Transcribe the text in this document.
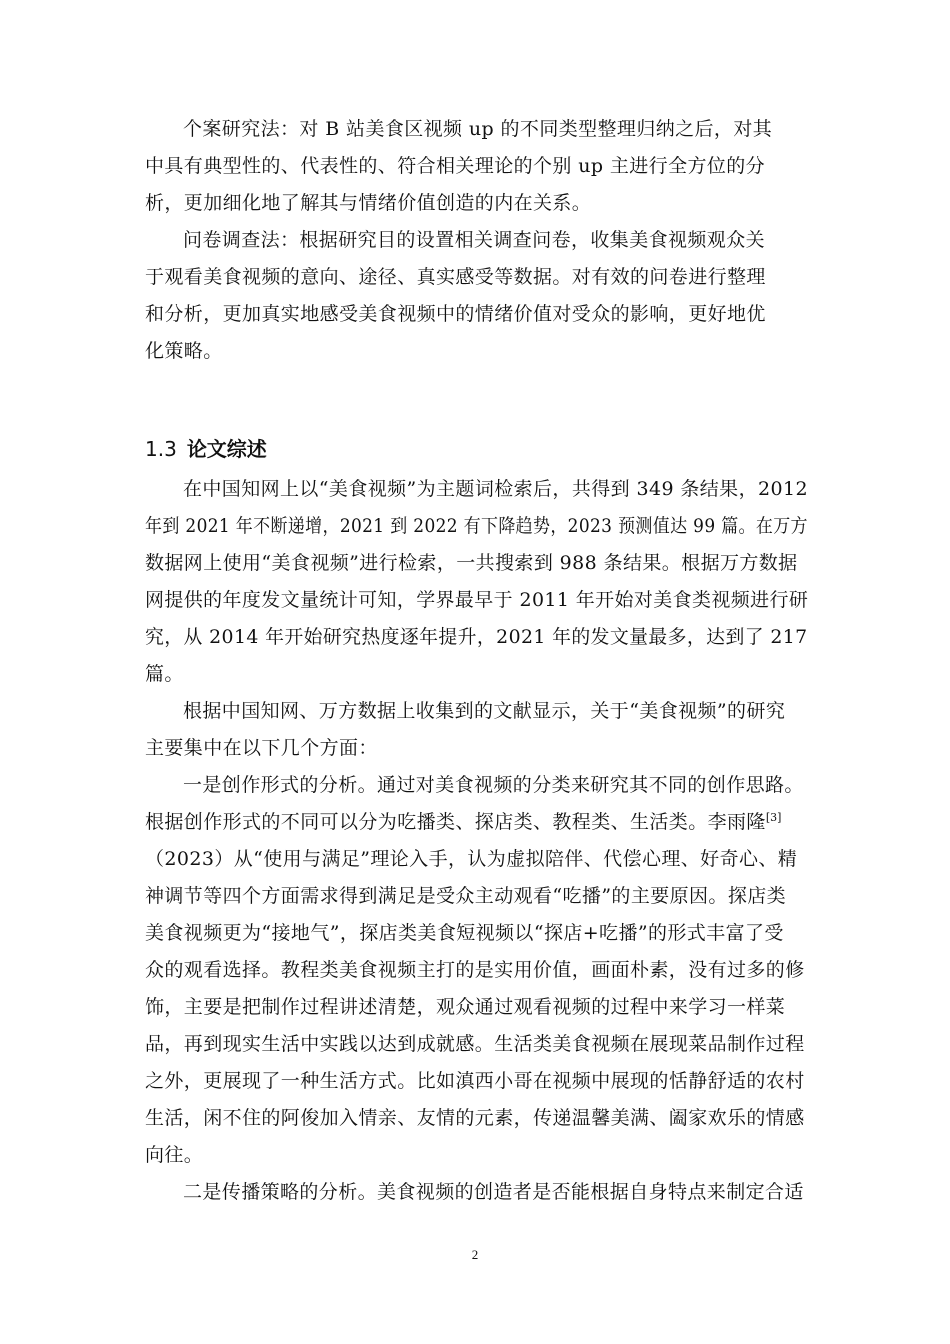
个案研究法：对 B 站美食区视频 up 的不同类型整理归纳之后，对其
中具有典型性的、代表性的、符合相关理论的个别 up 主进行全方位的分
析，更加细化地了解其与情绪价值创造的内在关系。
问卷调查法：根据研究目的设置相关调查问卷，收集美食视频观众关
于观看美食视频的意向、途径、真实感受等数据。对有效的问卷进行整理
和分析，更加真实地感受美食视频中的情绪价值对受众的影响，更好地优
化策略。
1.3 论文综述
在中国知网上以“美食视频”为主题词检索后，共得到 349 条结果，2012
年到 2021 年不断递增，2021 到 2022 有下降趋势，2023 预测值达 99 篇。在万方
数据网上使用“美食视频”进行检索，一共搜索到 988 条结果。根据万方数据
网提供的年度发文量统计可知，学界最早于 2011 年开始对美食类视频进行研
究，从 2014 年开始研究热度逐年提升，2021 年的发文量最多，达到了 217
篇。
根据中国知网、万方数据上收集到的文献显示，关于“美食视频”的研究
主要集中在以下几个方面：
一是创作形式的分析。通过对美食视频的分类来研究其不同的创作思路。
根据创作形式的不同可以分为吃播类、探店类、教程类、生活类。李雨隆[3]
（2023）从“使用与满足”理论入手，认为虚拟陪伴、代偿心理、好奇心、精
神调节等四个方面需求得到满足是受众主动观看“吃播”的主要原因。探店类
美食视频更为“接地气”，探店类美食短视频以“探店+吃播”的形式丰富了受
众的观看选择。教程类美食视频主打的是实用价值，画面朴素，没有过多的修
饰，主要是把制作过程讲述清楚，观众通过观看视频的过程中来学习一样菜
品，再到现实生活中实践以达到成就感。生活类美食视频在展现菜品制作过程
之外，更展现了一种生活方式。比如滇西小哥在视频中展现的恬静舒适的农村
生活，闲不住的阿俊加入情亲、友情的元素，传递温馨美满、阖家欢乐的情感
向往。
二是传播策略的分析。美食视频的创造者是否能根据自身特点来制定合适
2
